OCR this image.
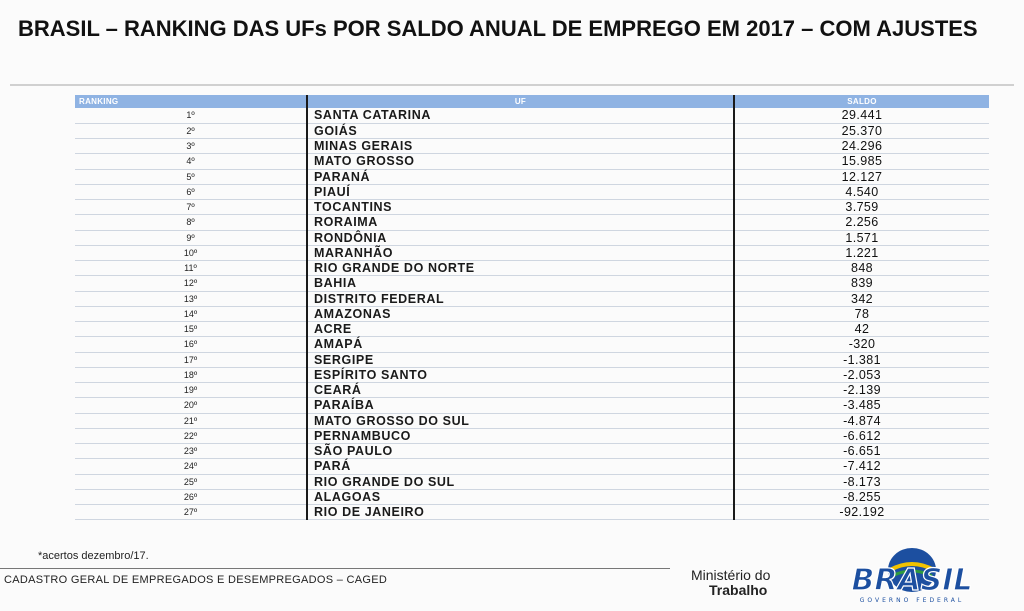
BRASIL – RANKING DAS UFs POR SALDO ANUAL DE EMPREGO EM 2017 – COM AJUSTES
RANKING	UF	SALDO
1º	SANTA CATARINA	29.441
2º	GOIÁS	25.370
3º	MINAS GERAIS	24.296
4º	MATO GROSSO	15.985
5º	PARANÁ	12.127
6º	PIAUÍ	4.540
7º	TOCANTINS	3.759
8º	RORAIMA	2.256
9º	RONDÔNIA	1.571
10º	MARANHÃO	1.221
11º	RIO GRANDE DO NORTE	848
12º	BAHIA	839
13º	DISTRITO FEDERAL	342
14º	AMAZONAS	78
15º	ACRE	42
16º	AMAPÁ	-320
17º	SERGIPE	-1.381
18º	ESPÍRITO SANTO	-2.053
19º	CEARÁ	-2.139
20º	PARAÍBA	-3.485
21º	MATO GROSSO DO SUL	-4.874
22º	PERNAMBUCO	-6.612
23º	SÃO PAULO	-6.651
24º	PARÁ	-7.412
25º	RIO GRANDE DO SUL	-8.173
26º	ALAGOAS	-8.255
27º	RIO DE JANEIRO	-92.192
*acertos dezembro/17.
CADASTRO GERAL DE EMPREGADOS E DESEMPREGADOS – CAGED	Ministério do
Trabalho	BRASIL
GOVERNO FEDERAL
